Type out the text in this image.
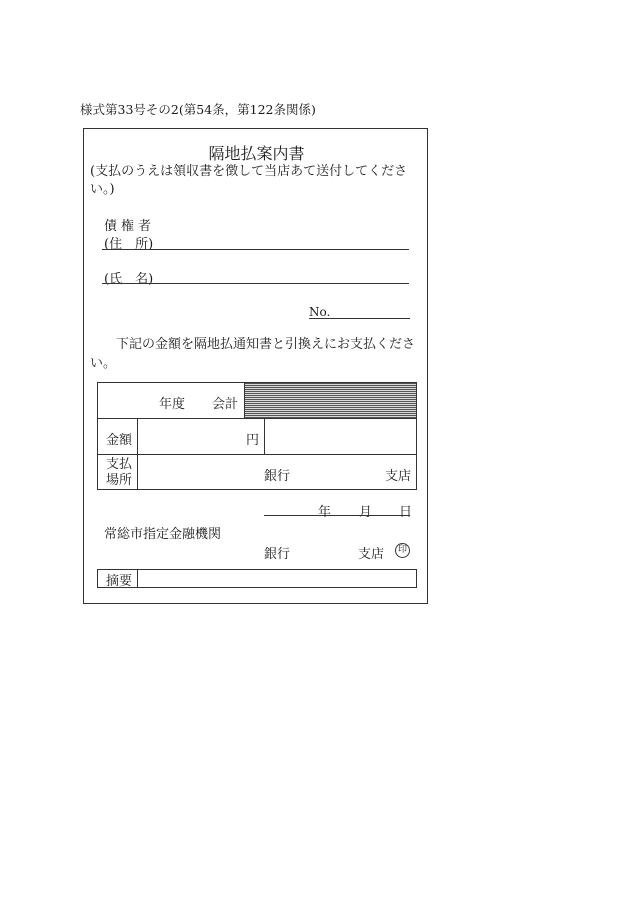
様式第33号その2(第54条，第122条関係)
隔地払案内書
(支払のうえは領収書を徴して当店あて送付してください。)
債権者
(住　所)
(氏　名)
No.
下記の金額を隔地払通知書と引換えにお支払ください。
年度 会計
金額	円
支払
場所	銀行	支店
年 月 日
常総市指定金融機関
銀行	支店	印
摘要
